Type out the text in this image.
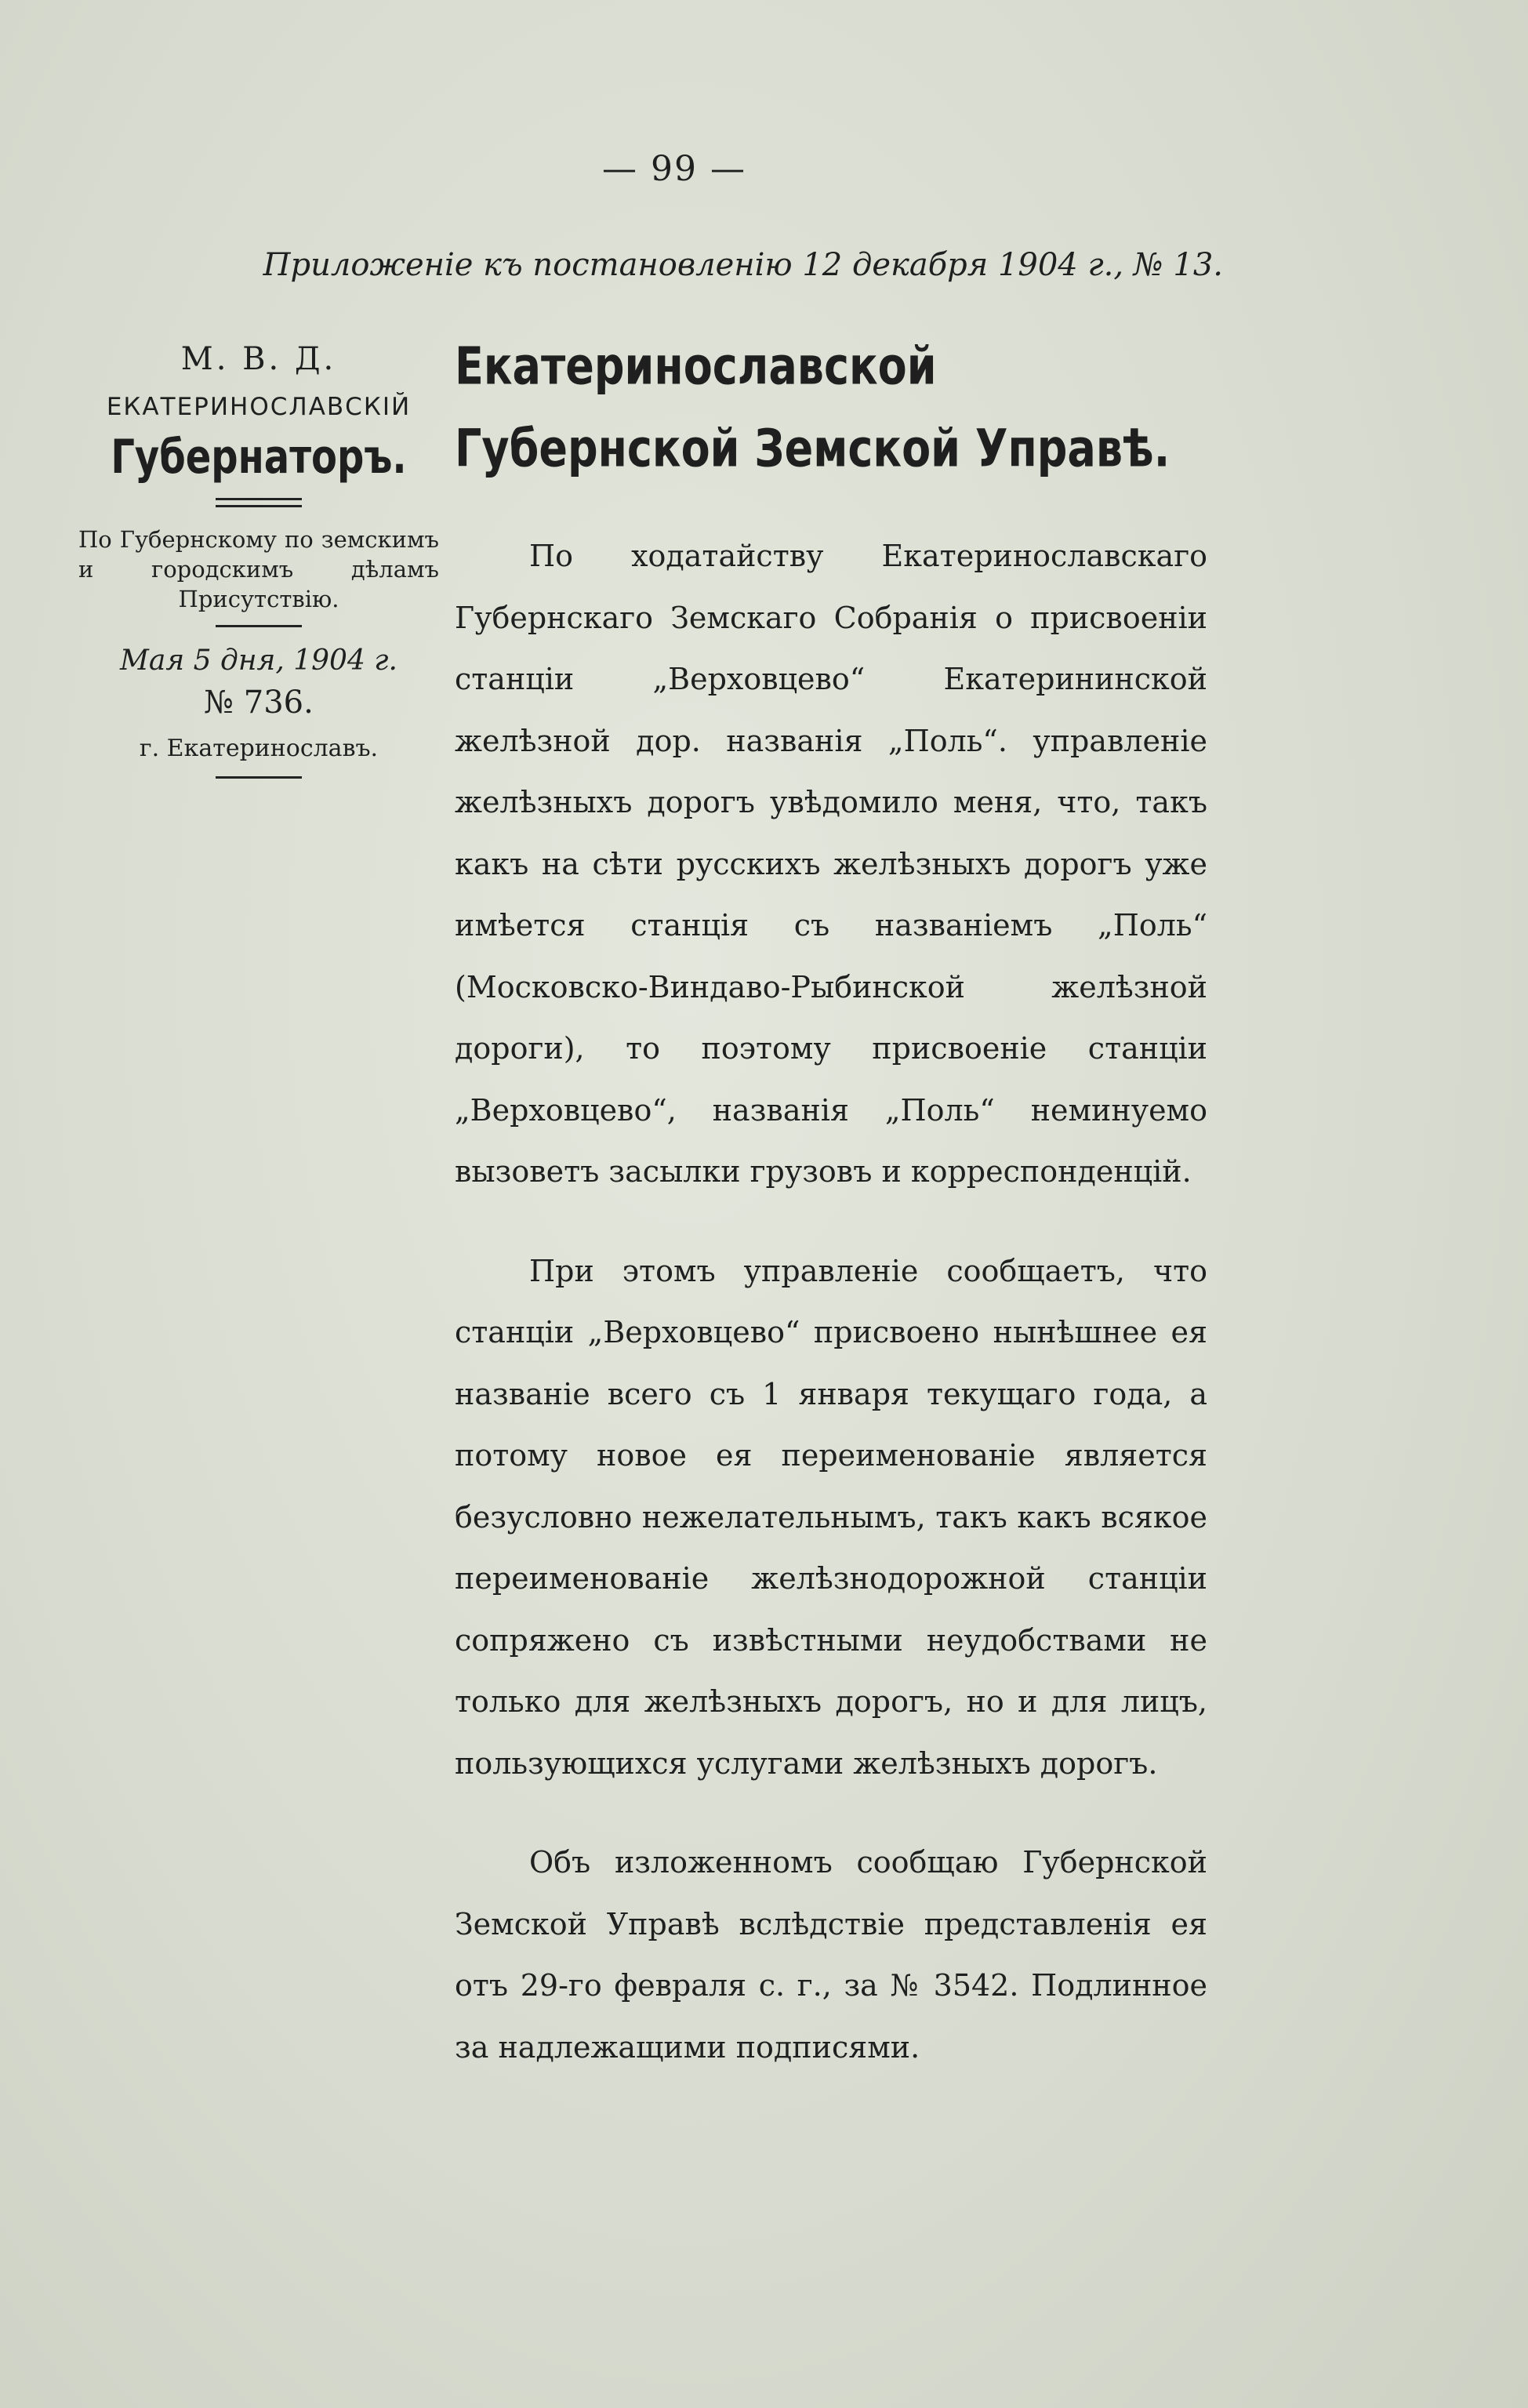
— 99 —
Приложенiе къ постановленiю 12 декабря 1904 г., № 13.
М. В. Д.
ЕКАТЕРИНОСЛАВСКIЙ
Губернаторъ.
По Губернскому по земскимъ и городскимъ дѣламъ Присутствiю.
Мая 5 дня, 1904 г.
№ 736.
г. Екатеринославъ.
Екатеринославской Губернской Земской Управѣ.

По ходатайству Екатеринославскаго Губернскаго Земскаго Собранiя о присвоенiи станцiи „Верховцево“ Екатерининской желѣзной дор. названiя „Поль“. управленiе желѣзныхъ дорогъ увѣдомило меня, что, такъ какъ на сѣти русскихъ желѣзныхъ дорогъ уже имѣется станцiя съ названiемъ „Поль“ (Московско-Виндаво-Рыбинской желѣзной дороги), то поэтому присвоенiе станцiи „Верховцево“, названiя „Поль“ неминуемо вызоветъ засылки грузовъ и корреспонденцiй.

При этомъ управленiе сообщаетъ, что станцiи „Верховцево“ присвоено нынѣшнее ея названiе всего съ 1 января текущаго года, а потому новое ея переименованiе является безусловно нежелательнымъ, такъ какъ всякое переименованiе желѣзнодорожной станцiи сопряжено съ извѣстными неудобствами не только для желѣзныхъ дорогъ, но и для лицъ, пользующихся услугами желѣзныхъ дорогъ.

Объ изложенномъ сообщаю Губернской Земской Управѣ вслѣдствiе представленiя ея отъ 29-го февраля с. г., за № 3542. Подлинное за надлежащими подписями.
